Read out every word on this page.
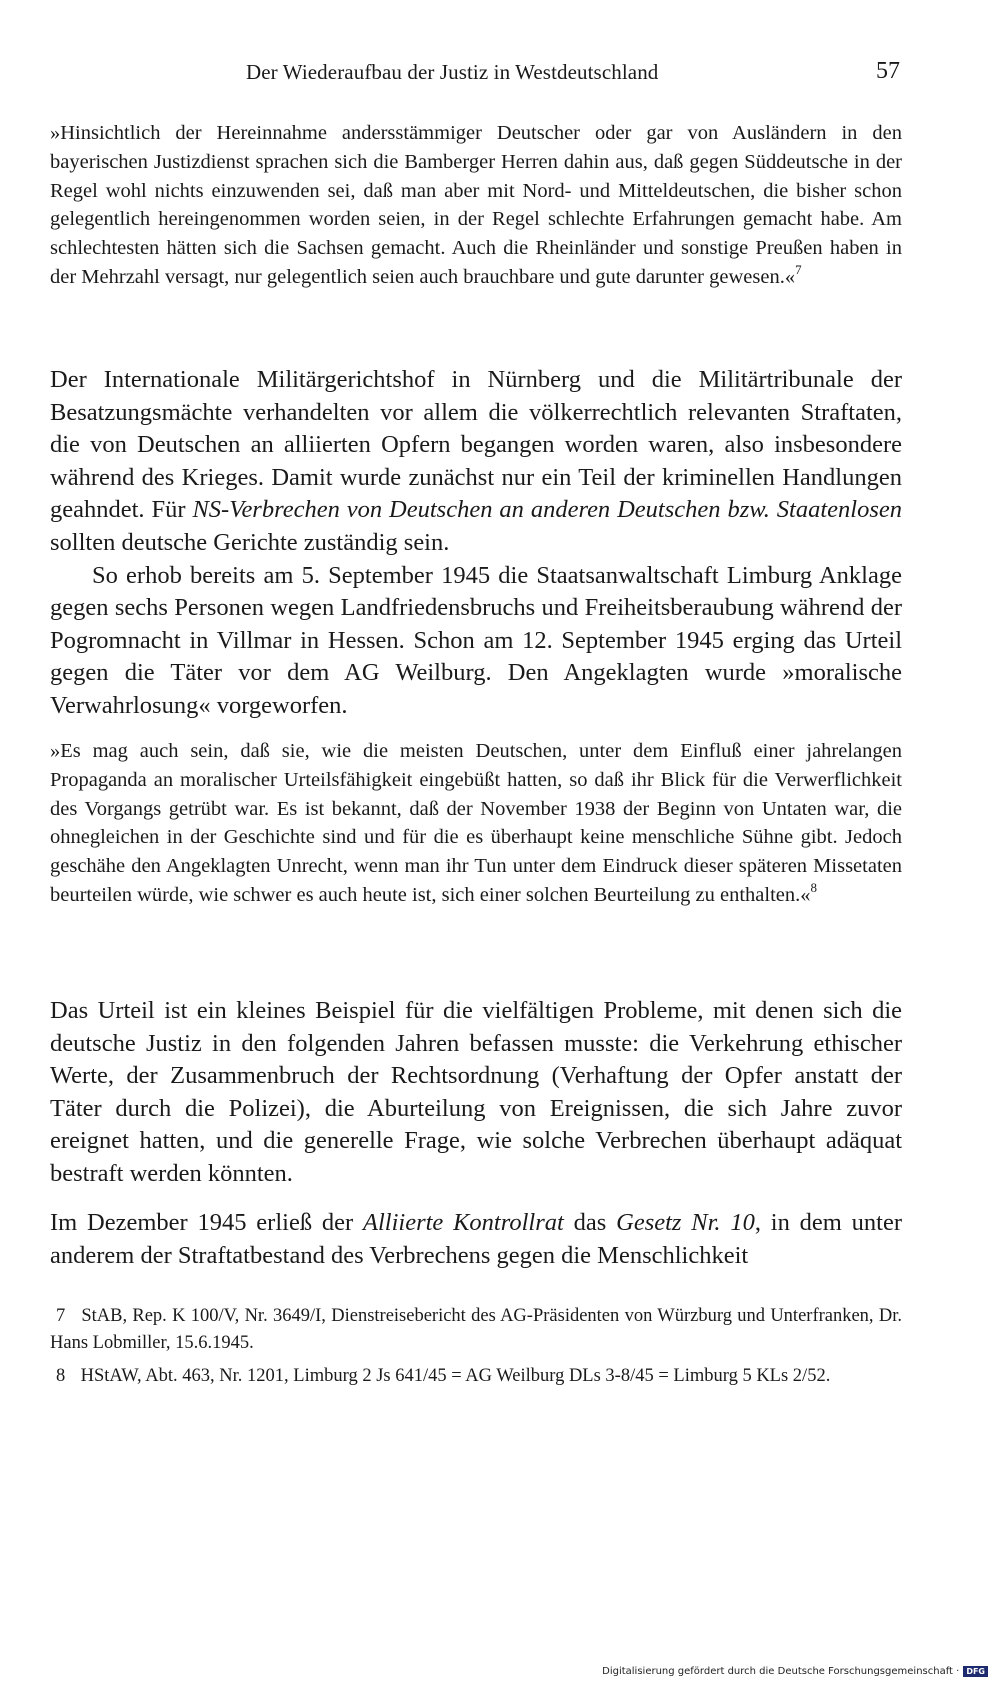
Der Wiederaufbau der Justiz in Westdeutschland	57

»Hinsichtlich der Hereinnahme andersstämmiger Deutscher oder gar von Ausländern in den bayerischen Justizdienst sprachen sich die Bamberger Herren dahin aus, daß gegen Süddeutsche in der Regel wohl nichts einzuwenden sei, daß man aber mit Nord- und Mitteldeutschen, die bisher schon gelegentlich hereingenommen worden seien, in der Regel schlechte Erfahrungen gemacht habe. Am schlechtesten hätten sich die Sachsen gemacht. Auch die Rheinländer und sonstige Preußen haben in der Mehrzahl versagt, nur gelegentlich seien auch brauchbare und gute darunter gewesen.«$^7$

Der Internationale Militärgerichtshof in Nürnberg und die Militärtribunale der Besatzungsmächte verhandelten vor allem die völkerrechtlich relevanten Straftaten, die von Deutschen an alliierten Opfern begangen worden waren, also insbesondere während des Krieges. Damit wurde zunächst nur ein Teil der kriminellen Handlungen geahndet. Für NS-Verbrechen von Deutschen an anderen Deutschen bzw. Staatenlosen sollten deutsche Gerichte zuständig sein.

So erhob bereits am 5. September 1945 die Staatsanwaltschaft Limburg Anklage gegen sechs Personen wegen Landfriedensbruchs und Freiheitsberaubung während der Pogromnacht in Villmar in Hessen. Schon am 12. September 1945 erging das Urteil gegen die Täter vor dem AG Weilburg. Den Angeklagten wurde »moralische Verwahrlosung« vorgeworfen.

»Es mag auch sein, daß sie, wie die meisten Deutschen, unter dem Einfluß einer jahrelangen Propaganda an moralischer Urteilsfähigkeit eingebüßt hatten, so daß ihr Blick für die Verwerflichkeit des Vorgangs getrübt war. Es ist bekannt, daß der November 1938 der Beginn von Untaten war, die ohnegleichen in der Geschichte sind und für die es überhaupt keine menschliche Sühne gibt. Jedoch geschähe den Angeklagten Unrecht, wenn man ihr Tun unter dem Eindruck dieser späteren Missetaten beurteilen würde, wie schwer es auch heute ist, sich einer solchen Beurteilung zu enthalten.«$^8$

Das Urteil ist ein kleines Beispiel für die vielfältigen Probleme, mit denen sich die deutsche Justiz in den folgenden Jahren befassen musste: die Verkehrung ethischer Werte, der Zusammenbruch der Rechtsordnung (Verhaftung der Opfer anstatt der Täter durch die Polizei), die Aburteilung von Ereignissen, die sich Jahre zuvor ereignet hatten, und die generelle Frage, wie solche Verbrechen überhaupt adäquat bestraft werden könnten.

Im Dezember 1945 erließ der Alliierte Kontrollrat das Gesetz Nr. 10, in dem unter anderem der Straftatbestand des Verbrechens gegen die Menschlichkeit

7 StAB, Rep. K 100/V, Nr. 3649/I, Dienstreisebericht des AG-Präsidenten von Würzburg und Unterfranken, Dr. Hans Lobmiller, 15.6.1945.

8 HStAW, Abt. 463, Nr. 1201, Limburg 2 Js 641/45 = AG Weilburg DLs 3-8/45 = Limburg 5 KLs 2/52.

Digitalisierung gefördert durch die Deutsche Forschungsgemeinschaft · DFG
